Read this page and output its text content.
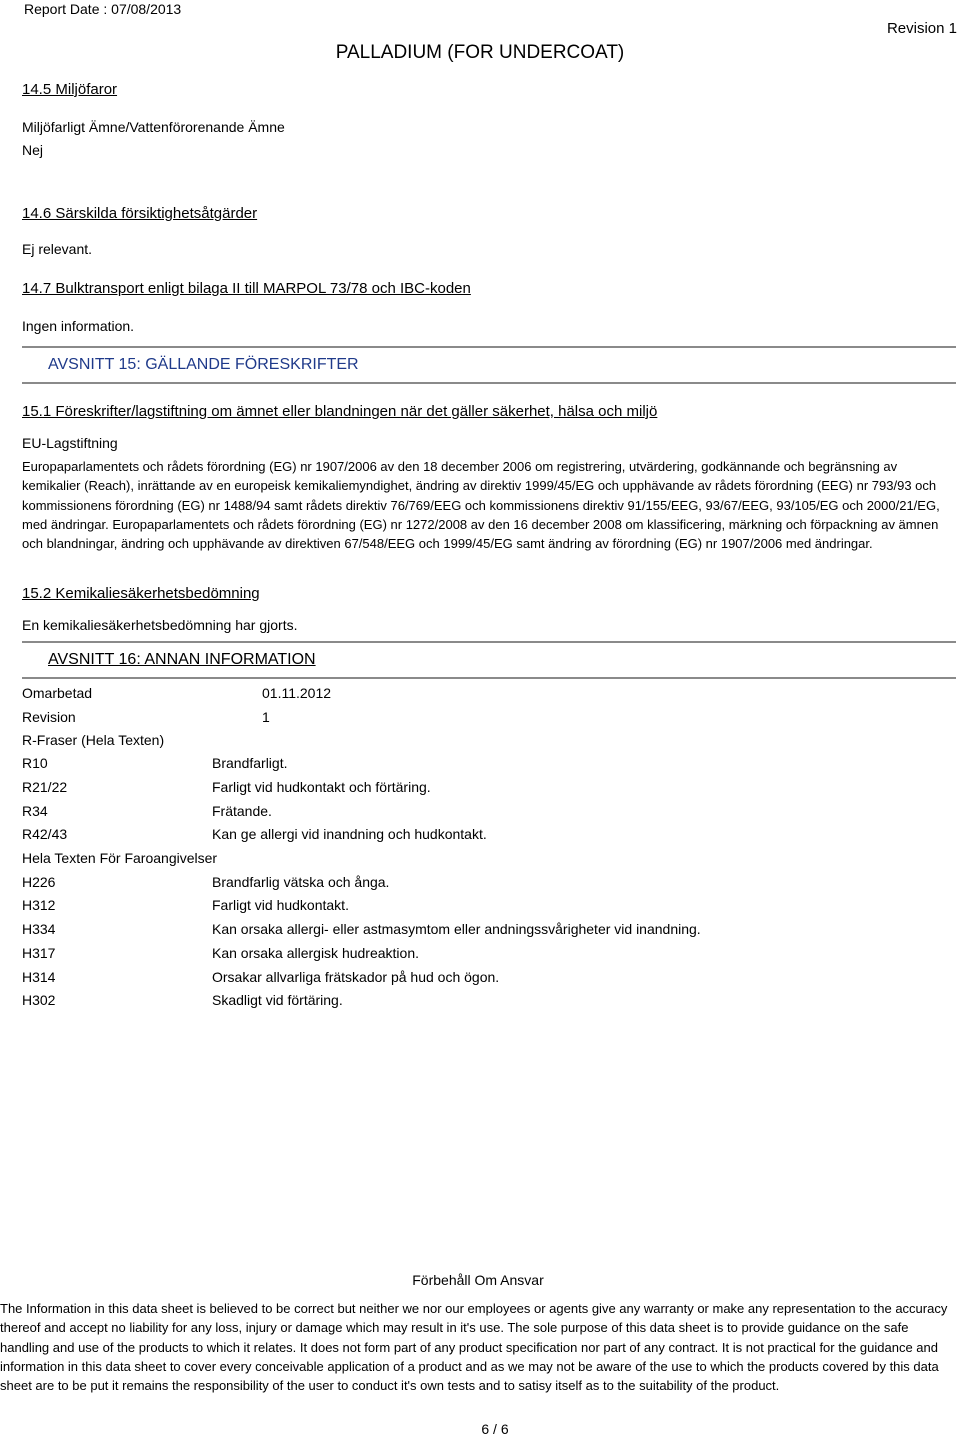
Report Date : 07/08/2013
PALLADIUM (FOR UNDERCOAT)
Revision 1
14.5 Miljöfaror
Miljöfarligt Ämne/Vattenförorenande Ämne
Nej
14.6 Särskilda försiktighetsåtgärder
Ej relevant.
14.7 Bulktransport enligt bilaga II till MARPOL 73/78 och IBC-koden
Ingen information.
AVSNITT 15: GÄLLANDE FÖRESKRIFTER
15.1 Föreskrifter/lagstiftning om ämnet eller blandningen när det gäller säkerhet, hälsa och miljö
EU-Lagstiftning
Europaparlamentets och rådets förordning (EG) nr 1907/2006 av den 18 december 2006 om registrering, utvärdering, godkännande och begränsning av kemikalier (Reach), inrättande av en europeisk kemikaliemyndighet, ändring av direktiv 1999/45/EG och upphävande av rådets förordning (EEG) nr 793/93 och kommissionens förordning (EG) nr 1488/94 samt rådets direktiv 76/769/EEG och kommissionens direktiv 91/155/EEG, 93/67/EEG, 93/105/EG och 2000/21/EG, med ändringar. Europaparlamentets och rådets förordning (EG) nr 1272/2008 av den 16 december 2008 om klassificering, märkning och förpackning av ämnen och blandningar, ändring och upphävande av direktiven 67/548/EEG och 1999/45/EG samt ändring av förordning (EG) nr 1907/2006 med ändringar.
15.2 Kemikaliesäkerhetsbedömning
En kemikaliesäkerhetsbedömning har gjorts.
AVSNITT 16: ANNAN INFORMATION
Omarbetad	01.11.2012
Revision	1
R-Fraser (Hela Texten)
R10	Brandfarligt.
R21/22	Farligt vid hudkontakt och förtäring.
R34	Frätande.
R42/43	Kan ge allergi vid inandning och hudkontakt.
Hela Texten För Faroangivelser
H226	Brandfarlig vätska och ånga.
H312	Farligt vid hudkontakt.
H334	Kan orsaka allergi- eller astmasymtom eller andningssvårigheter vid inandning.
H317	Kan orsaka allergisk hudreaktion.
H314	Orsakar allvarliga frätskador på hud och ögon.
H302	Skadligt vid förtäring.
Förbehåll Om Ansvar
The Information in this data sheet is believed to be correct but neither we nor our employees or agents give any warranty or make any representation to the accuracy thereof and accept no liability for any loss, injury or damage which may result in it's use. The sole purpose of this data sheet is to provide guidance on the safe handling and use of the products to which it relates. It does not form part of any product specification nor part of any contract. It is not practical for the guidance and information in this data sheet to cover every conceivable application of a product and as we may not be aware of the use to which the products covered by this data sheet are to be put it remains the responsibility of the user to conduct it's own tests and to satisy itself as to the suitability of the product.
6 / 6
